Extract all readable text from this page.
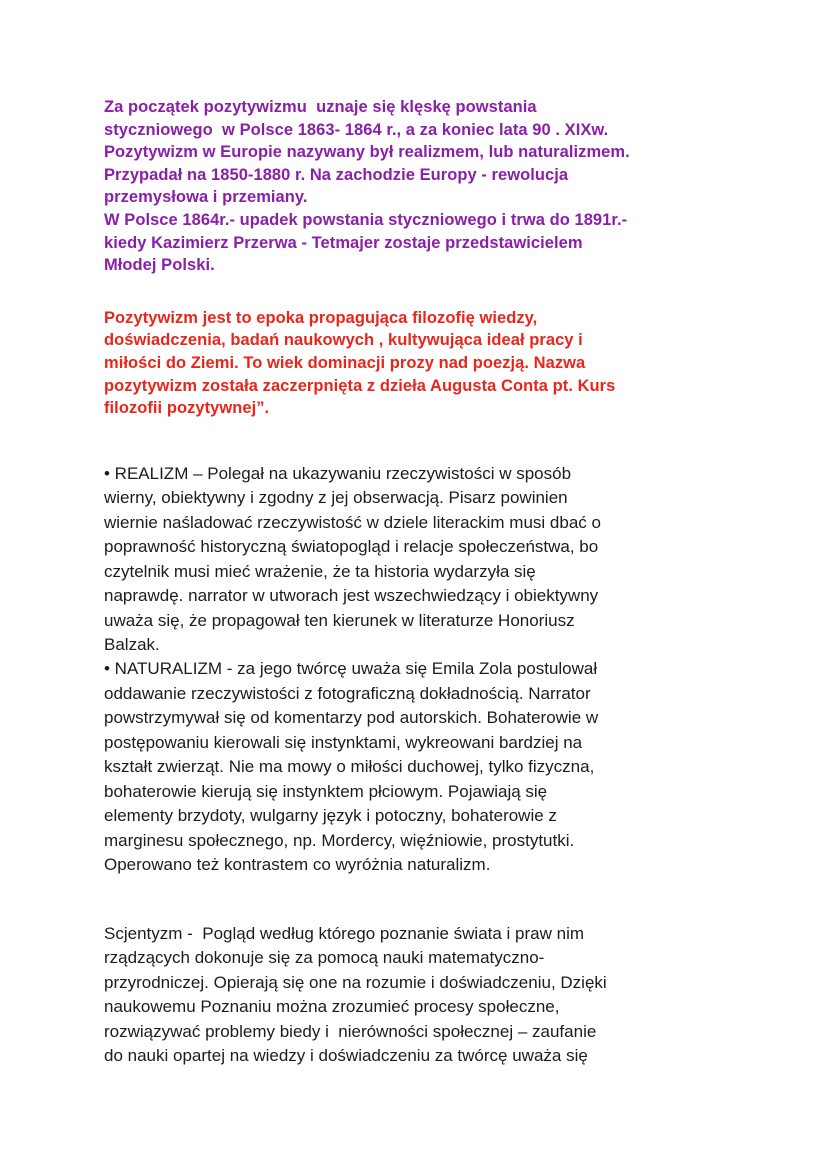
Za początek pozytywizmu  uznaje się klęskę powstania
styczniowego  w Polsce 1863- 1864 r., a za koniec lata 90 . XIXw.
Pozytywizm w Europie nazywany był realizmem, lub naturalizmem.
Przypadał na 1850-1880 r. Na zachodzie Europy - rewolucja
przemysłowa i przemiany.
W Polsce 1864r.- upadek powstania styczniowego i trwa do 1891r.-
kiedy Kazimierz Przerwa - Tetmajer zostaje przedstawicielem
Młodej Polski.
Pozytywizm jest to epoka propagująca filozofię wiedzy,
doświadczenia, badań naukowych , kultywująca ideał pracy i
miłości do Ziemi. To wiek dominacji prozy nad poezją. Nazwa
pozytywizm została zaczerpnięta z dzieła Augusta Conta pt. Kurs
filozofii pozytywnej”.
• REALIZM – Polegał na ukazywaniu rzeczywistości w sposób
wierny, obiektywny i zgodny z jej obserwacją. Pisarz powinien
wiernie naśladować rzeczywistość w dziele literackim musi dbać o
poprawność historyczną światopogląd i relacje społeczeństwa, bo
czytelnik musi mieć wrażenie, że ta historia wydarzyła się
naprawdę. narrator w utworach jest wszechwiedzący i obiektywny
uważa się, że propagował ten kierunek w literaturze Honoriusz
Balzak.
• NATURALIZM - za jego twórcę uważa się Emila Zola postulował
oddawanie rzeczywistości z fotograficzną dokładnością. Narrator
powstrzymywał się od komentarzy pod autorskich. Bohaterowie w
postępowaniu kierowali się instynktami, wykreowani bardziej na
kształt zwierząt. Nie ma mowy o miłości duchowej, tylko fizyczna,
bohaterowie kierują się instynktem płciowym. Pojawiają się
elementy brzydoty, wulgarny język i potoczny, bohaterowie z
marginesu społecznego, np. Mordercy, więźniowie, prostytutki.
Operowano też kontrastem co wyróżnia naturalizm.
Scjentyzm -  Pogląd według którego poznanie świata i praw nim
rządzących dokonuje się za pomocą nauki matematyczno-
przyrodniczej. Opierają się one na rozumie i doświadczeniu, Dzięki
naukowemu Poznaniu można zrozumieć procesy społeczne,
rozwiązywać problemy biedy i  nierówności społecznej – zaufanie
do nauki opartej na wiedzy i doświadczeniu za twórcę uważa się
